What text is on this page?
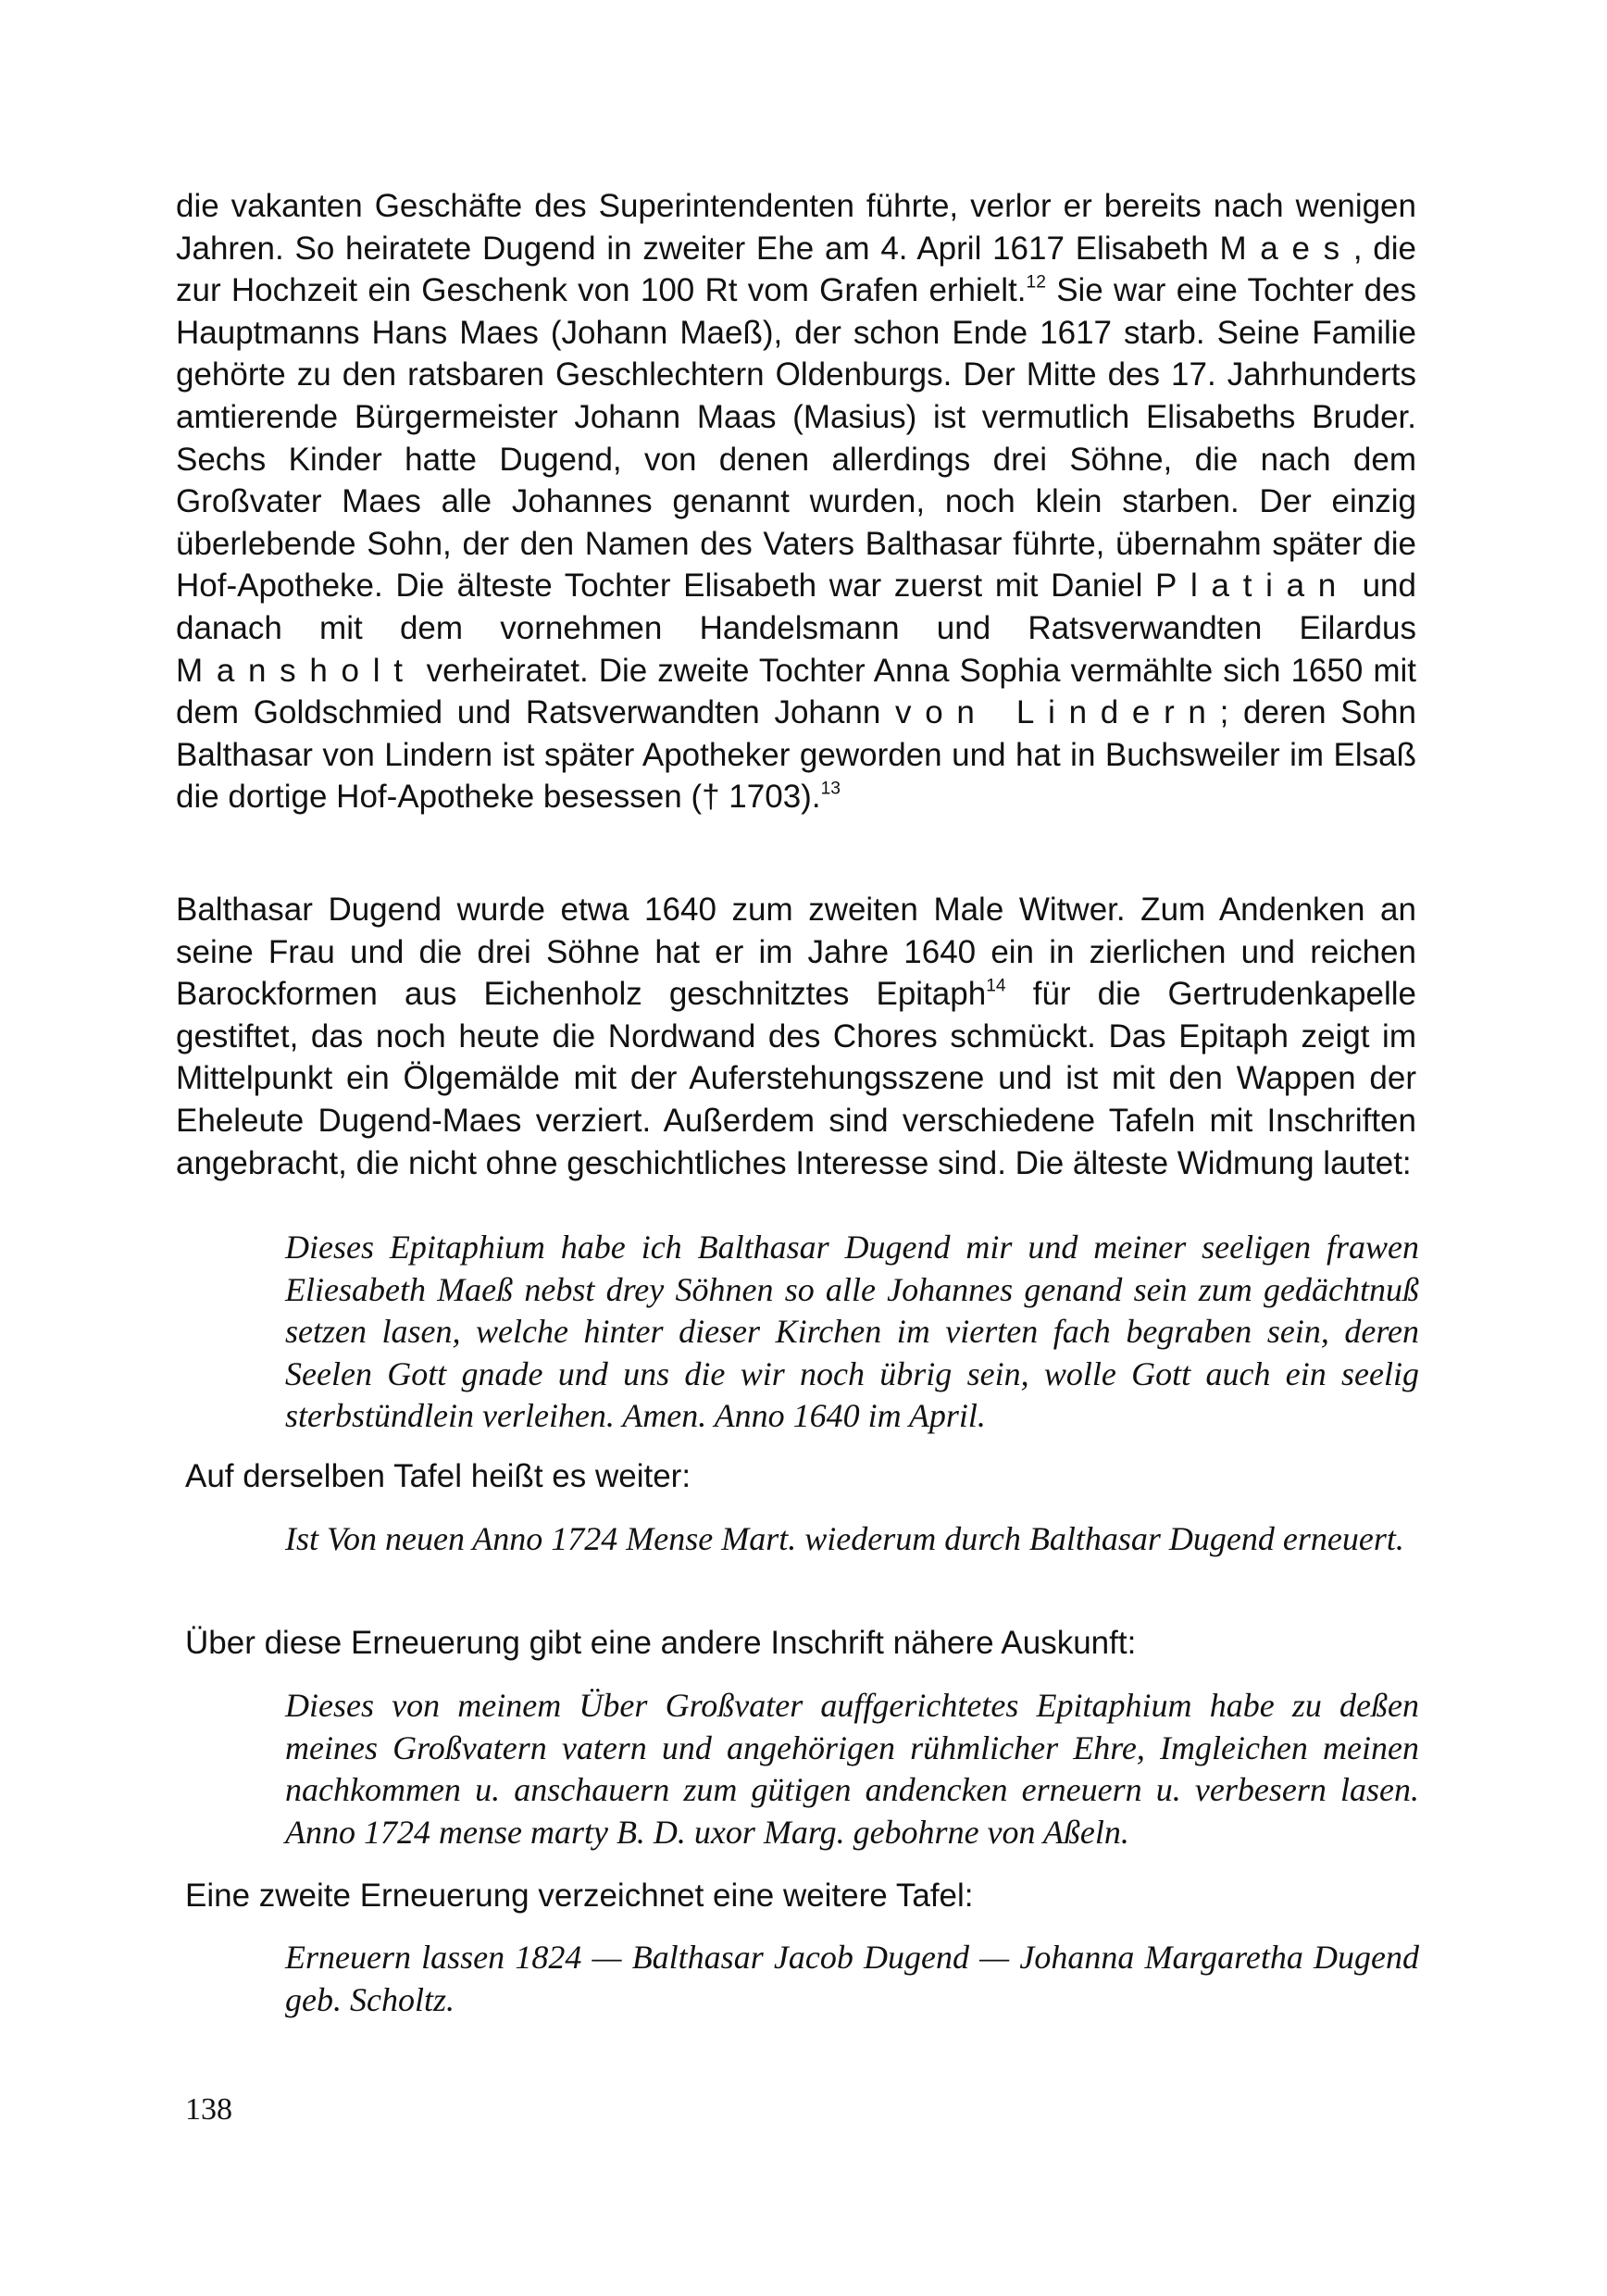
die vakanten Geschäfte des Superintendenten führte, verlor er bereits nach wenigen Jahren. So heiratete Dugend in zweiter Ehe am 4. April 1617 Elisabeth Maes, die zur Hochzeit ein Geschenk von 100 Rt vom Grafen erhielt.$^{12}$ Sie war eine Tochter des Hauptmanns Hans Maes (Johann Maeß), der schon Ende 1617 starb. Seine Familie gehörte zu den ratsbaren Geschlechtern Oldenburgs. Der Mitte des 17. Jahrhunderts amtierende Bürgermeister Johann Maas (Masius) ist vermutlich Elisabeths Bruder. Sechs Kinder hatte Dugend, von denen allerdings drei Söhne, die nach dem Großvater Maes alle Johannes genannt wurden, noch klein starben. Der einzig überlebende Sohn, der den Namen des Vaters Balthasar führte, übernahm später die Hof-Apotheke. Die älteste Tochter Elisabeth war zuerst mit Daniel Platian und danach mit dem vornehmen Handelsmann und Ratsverwandten Eilardus Mansholt verheiratet. Die zweite Tochter Anna Sophia vermählte sich 1650 mit dem Goldschmied und Ratsverwandten Johann von Lindern; deren Sohn Balthasar von Lindern ist später Apotheker geworden und hat in Buchsweiler im Elsaß die dortige Hof-Apotheke besessen († 1703).$^{13}$

Balthasar Dugend wurde etwa 1640 zum zweiten Male Witwer. Zum Andenken an seine Frau und die drei Söhne hat er im Jahre 1640 ein in zierlichen und reichen Barockformen aus Eichenholz geschnitztes Epitaph$^{14}$ für die Gertrudenkapelle gestiftet, das noch heute die Nordwand des Chores schmückt. Das Epitaph zeigt im Mittelpunkt ein Ölgemälde mit der Auferstehungsszene und ist mit den Wappen der Eheleute Dugend-Maes verziert. Außerdem sind verschiedene Tafeln mit Inschriften angebracht, die nicht ohne geschichtliches Interesse sind. Die älteste Widmung lautet:

Dieses Epitaphium habe ich Balthasar Dugend mir und meiner seeligen frawen Eliesabeth Maeß nebst drey Söhnen so alle Johannes genand sein zum gedächtnuß setzen lasen, welche hinter dieser Kirchen im vierten fach begraben sein, deren Seelen Gott gnade und uns die wir noch übrig sein, wolle Gott auch ein seelig sterbstündlein verleihen. Amen. Anno 1640 im April.

Auf derselben Tafel heißt es weiter:

Ist Von neuen Anno 1724 Mense Mart. wiederum durch Balthasar Dugend erneuert.

Über diese Erneuerung gibt eine andere Inschrift nähere Auskunft:

Dieses von meinem Über Großvater auffgerichtetes Epitaphium habe zu deßen meines Großvatern vatern und angehörigen rühmlicher Ehre, Imgleichen meinen nachkommen u. anschauern zum gütigen andencken erneuern u. verbesern lasen. Anno 1724 mense marty B. D. uxor Marg. gebohrne von Aßeln.

Eine zweite Erneuerung verzeichnet eine weitere Tafel:

Erneuern lassen 1824 — Balthasar Jacob Dugend — Johanna Margaretha Dugend geb. Scholtz.

138
